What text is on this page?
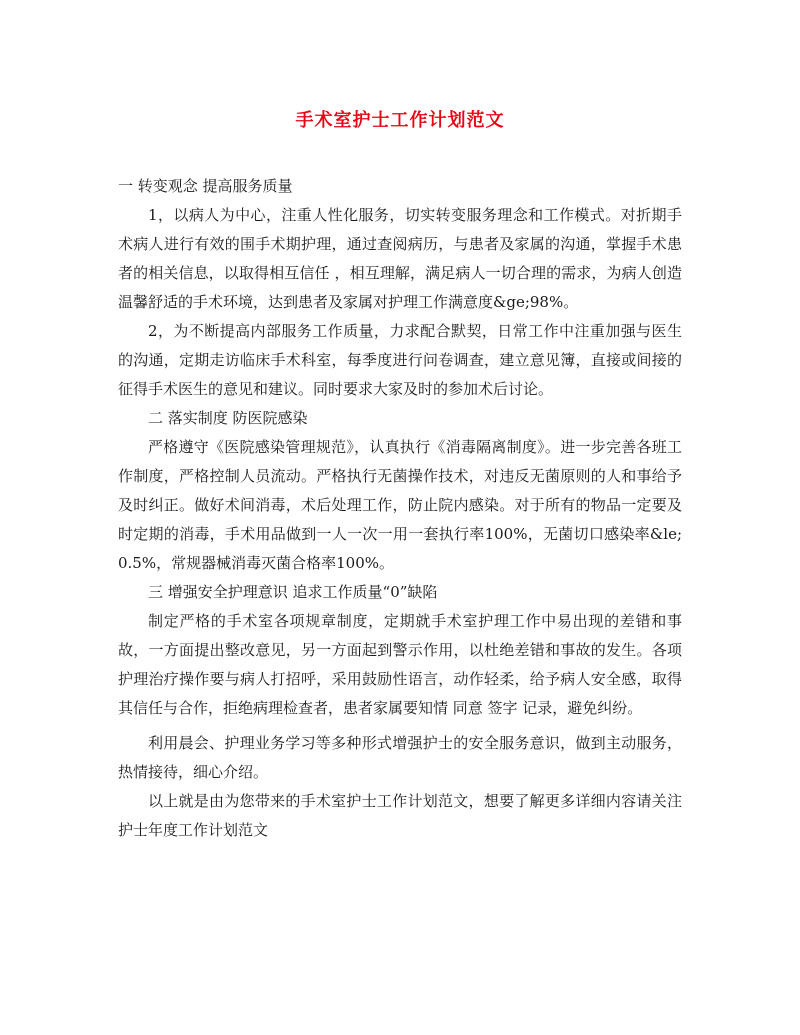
手术室护士工作计划范文

一 转变观念 提高服务质量

1，以病人为中心，注重人性化服务，切实转变服务理念和工作模式。对折期手术病人进行有效的围手术期护理，通过查阅病历，与患者及家属的沟通，掌握手术患者的相关信息，以取得相互信任 ，相互理解，满足病人一切合理的需求，为病人创造温馨舒适的手术环境，达到患者及家属对护理工作满意度&ge;98%。

2，为不断提高内部服务工作质量，力求配合默契，日常工作中注重加强与医生的沟通，定期走访临床手术科室，每季度进行问卷调查，建立意见簿，直接或间接的征得手术医生的意见和建议。同时要求大家及时的参加术后讨论。

二 落实制度 防医院感染

严格遵守《医院感染管理规范》，认真执行《消毒隔离制度》。进一步完善各班工作制度，严格控制人员流动。严格执行无菌操作技术，对违反无菌原则的人和事给予及时纠正。做好术间消毒，术后处理工作，防止院内感染。对于所有的物品一定要及时定期的消毒，手术用品做到一人一次一用一套执行率100%，无菌切口感染率&le;0.5%，常规器械消毒灭菌合格率100%。

三 增强安全护理意识 追求工作质量“0”缺陷

制定严格的手术室各项规章制度，定期就手术室护理工作中易出现的差错和事故，一方面提出整改意见，另一方面起到警示作用，以杜绝差错和事故的发生。各项护理治疗操作要与病人打招呼，采用鼓励性语言，动作轻柔，给予病人安全感，取得其信任与合作，拒绝病理检查者，患者家属要知情 同意 签字 记录，避免纠纷。

利用晨会、护理业务学习等多种形式增强护士的安全服务意识，做到主动服务，热情接待，细心介绍。

以上就是由为您带来的手术室护士工作计划范文，想要了解更多详细内容请关注护士年度工作计划范文
